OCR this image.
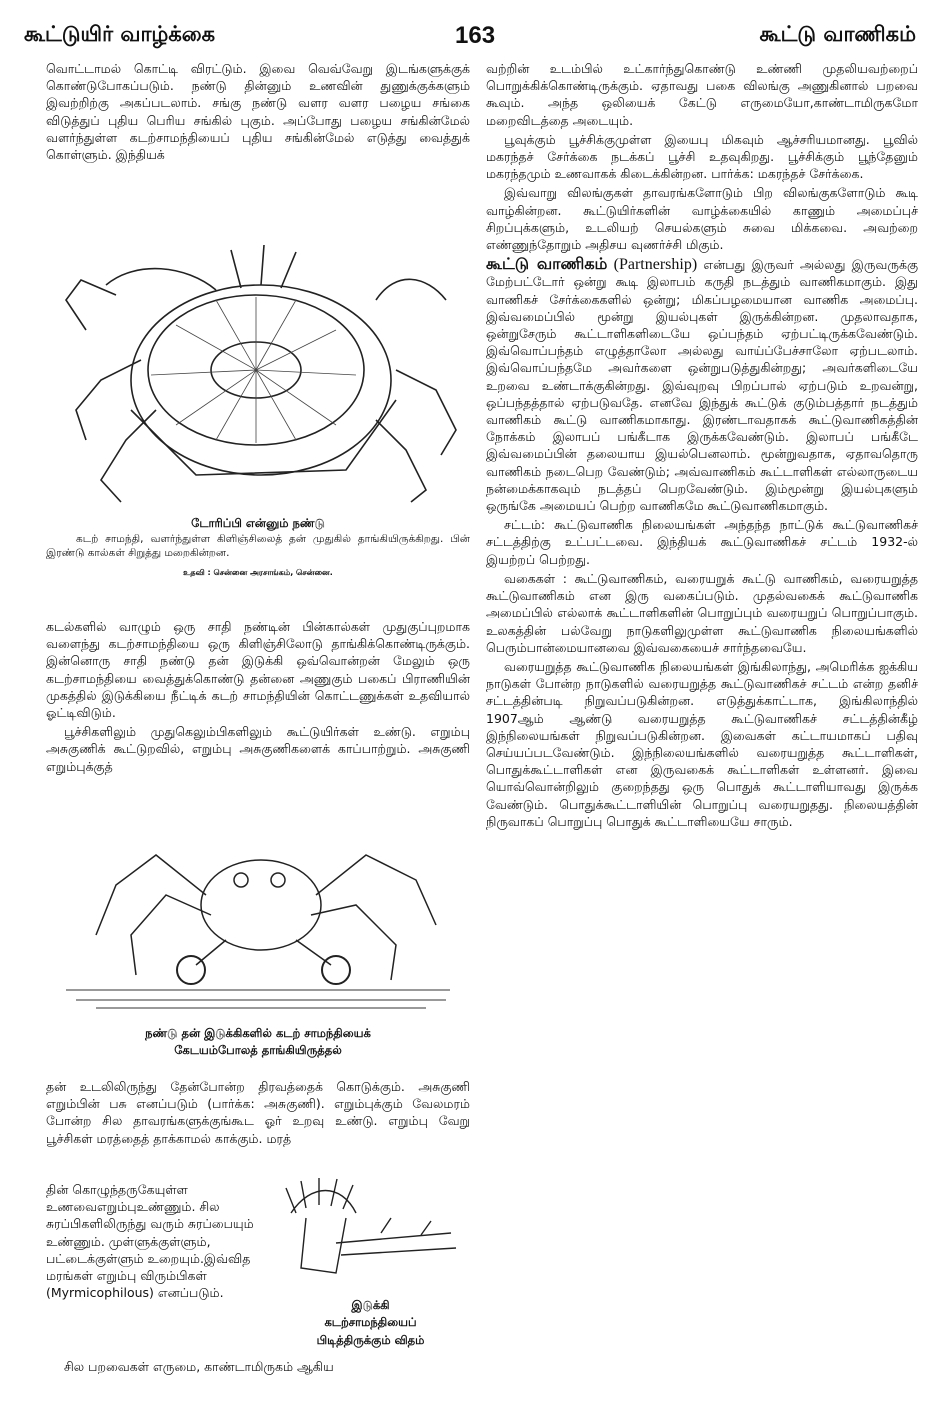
கூட்டுயிர் வாழ்க்கை	163	கூட்டு வாணிகம்

வொட்டாமல் கொட்டி விரட்டும். இவை வெவ்வேறு இடங்களுக்குக் கொண்டுபோகப்படும். நண்டு தின்னும் உணவின் துணுக்குக்களும் இவற்றிற்கு அகப்படலாம். சங்கு நண்டு வளர வளர பழைய சங்கை விடுத்துப் புதிய பெரிய சங்கில் புகும். அப்போது பழைய சங்கின்மேல் வளர்ந்துள்ள கடற்சாமந்தியைப் புதிய சங்கின்மேல் எடுத்து வைத்துக் கொள்ளும். இந்தியக்

டோரிப்பி என்னும் நண்டு
கடற் சாமந்தி, வளர்ந்துள்ள கிளிஞ்சிலைத் தன் முதுகில் தாங்கியிருக்கிறது. பின் இரண்டு கால்கள் சிறுத்து மறைகின்றன.
உதவி : சென்னை அரசாங்கம், சென்னை.

கடல்களில் வாழும் ஒரு சாதி நண்டின் பின்கால்கள் முதுகுப்புறமாக வளைந்து கடற்சாமந்தியை ஒரு கிளிஞ்சிலோடு தாங்கிக்கொண்டிருக்கும். இன்னொரு சாதி நண்டு தன் இடுக்கி ஒவ்வொன்றன் மேலும் ஒரு கடற்சாமந்தியை வைத்துக்கொண்டு தன்னை அணுகும் பகைப் பிராணியின் முகத்தில் இடுக்கியை நீட்டிக் கடற் சாமந்தியின் கொட்டணுக்கள் உதவியால் ஓட்டிவிடும்.

பூச்சிகளிலும் முதுகெலும்பிகளிலும் கூட்டுயிர்கள் உண்டு. எறும்பு அசுகுணிக் கூட்டுறவில், எறும்பு அசுகுணிகளைக் காப்பாற்றும். அசுகுணி எறும்புக்குத்

நண்டு தன் இடுக்கிகளில் கடற் சாமந்தியைக்
கேடயம்போலத் தாங்கியிருத்தல்

தன் உடலிலிருந்து தேன்போன்ற திரவத்தைக் கொடுக்கும். அசுகுணி எறும்பின் பசு எனப்படும் (பார்க்க: அசுகுணி). எறும்புக்கும் வேலமரம் போன்ற சில தாவரங்களுக்குங்கூட ஓர் உறவு உண்டு. எறும்பு வேறு பூச்சிகள் மரத்தைத் தாக்காமல் காக்கும். மரத்

தின் கொழுந்தருகேயுள்ள உணவைஎறும்புஉண்ணும். சில சுரப்பிகளிலிருந்து வரும் சுரப்பையும் உண்ணும். முள்ளுக்குள்ளும், பட்டைக்குள்ளும் உறையும்.இவ்வித மரங்கள் எறும்பு விரும்பிகள் (Myrmicophilous) எனப்படும்.

இடுக்கி
கடற்சாமந்தியைப்
பிடித்திருக்கும் விதம்

சில பறவைகள் எருமை, காண்டாமிருகம் ஆகிய

வற்றின் உடம்பில் உட்கார்ந்துகொண்டு உண்ணி முதலியவற்றைப் பொறுக்கிக்கொண்டிருக்கும். ஏதாவது பகை விலங்கு அணுகினால் பறவை கூவும். அந்த ஒலியைக் கேட்டு எருமையோ,காண்டாமிருகமோ மறைவிடத்தை அடையும்.

பூவுக்கும் பூச்சிக்குமுள்ள இயைபு மிகவும் ஆச்சரியமானது. பூவில் மகரந்தச் சேர்க்கை நடக்கப் பூச்சி உதவுகிறது. பூச்சிக்கும் பூந்தேனும் மகரந்தமும் உணவாகக் கிடைக்கின்றன. பார்க்க: மகரந்தச் சேர்க்கை.

இவ்வாறு விலங்குகள் தாவரங்களோடும் பிற விலங்குகளோடும் கூடி வாழ்கின்றன. கூட்டுயிர்களின் வாழ்க்கையில் காணும் அமைப்புச் சிறப்புக்களும், உடலியற் செயல்களும் சுவை மிக்கவை. அவற்றை எண்ணுந்தோறும் அதிசய வுணர்ச்சி மிகும்.

கூட்டு வாணிகம் (Partnership) என்பது இருவர் அல்லது இருவருக்கு மேற்பட்டோர் ஒன்று கூடி இலாபம் கருதி நடத்தும் வாணிகமாகும். இது வாணிகச் சேர்க்கைகளில் ஒன்று; மிகப்பழமையான வாணிக அமைப்பு. இவ்வமைப்பில் மூன்று இயல்புகள் இருக்கின்றன. முதலாவதாக, ஒன்றுசேரும் கூட்டாளிகளிடையே ஒப்பந்தம் ஏற்பட்டிருக்கவேண்டும். இவ்வொப்பந்தம் எழுத்தாலோ அல்லது வாய்ப்பேச்சாலோ ஏற்படலாம். இவ்வொப்பந்தமே அவர்களை ஒன்றுபடுத்துகின்றது; அவர்களிடையே உறவை உண்டாக்குகின்றது. இவ்வுறவு பிறப்பால் ஏற்படும் உறவன்று, ஒப்பந்தத்தால் ஏற்படுவதே. எனவே இந்துக் கூட்டுக் குடும்பத்தார் நடத்தும் வாணிகம் கூட்டு வாணிகமாகாது. இரண்டாவதாகக் கூட்டுவாணிகத்தின் நோக்கம் இலாபப் பங்கீடாக இருக்கவேண்டும். இலாபப் பங்கீடே இவ்வமைப்பின் தலையாய இயல்பெனலாம். மூன்றுவதாக, ஏதாவதொரு வாணிகம் நடைபெற வேண்டும்; அவ்வாணிகம் கூட்டாளிகள் எல்லாருடைய நன்மைக்காகவும் நடத்தப் பெறவேண்டும். இம்மூன்று இயல்புகளும் ஒருங்கே அமையப் பெற்ற வாணிகமே கூட்டுவாணிகமாகும்.

சட்டம்: கூட்டுவாணிக நிலையங்கள் அந்தந்த நாட்டுக் கூட்டுவாணிகச் சட்டத்திற்கு உட்பட்டவை. இந்தியக் கூட்டுவாணிகச் சட்டம் 1932-ல் இயற்றப் பெற்றது.

வகைகள் : கூட்டுவாணிகம், வரையறுக் கூட்டு வாணிகம், வரையறுத்த கூட்டுவாணிகம் என இரு வகைப்படும். முதல்வகைக் கூட்டுவாணிக அமைப்பில் எல்லாக் கூட்டாளிகளின் பொறுப்பும் வரையறுப் பொறுப்பாகும். உலகத்தின் பல்வேறு நாடுகளிலுமுள்ள கூட்டுவாணிக நிலையங்களில் பெரும்பான்மையானவை இவ்வகையைச் சார்ந்தவையே.

வரையறுத்த கூட்டுவாணிக நிலையங்கள் இங்கிலாந்து, அமெரிக்க ஐக்கிய நாடுகள் போன்ற நாடுகளில் வரையறுத்த கூட்டுவாணிகச் சட்டம் என்ற தனிச் சட்டத்தின்படி நிறுவப்படுகின்றன. எடுத்துக்காட்டாக, இங்கிலாந்தில் 1907ஆம் ஆண்டு வரையறுத்த கூட்டுவாணிகச் சட்டத்தின்கீழ் இந்நிலையங்கள் நிறுவப்படுகின்றன. இவைகள் கட்டாயமாகப் பதிவு செய்யப்படவேண்டும். இந்நிலையங்களில் வரையறுத்த கூட்டாளிகள், பொதுக்கூட்டாளிகள் என இருவகைக் கூட்டாளிகள் உள்ளனர். இவை யொவ்வொன்றிலும் குறைந்தது ஒரு பொதுக் கூட்டாளியாவது இருக்க வேண்டும். பொதுக்கூட்டாளியின் பொறுப்பு வரையறுதது. நிலையத்தின் நிருவாகப் பொறுப்பு பொதுக் கூட்டாளியையே சாரும்.
